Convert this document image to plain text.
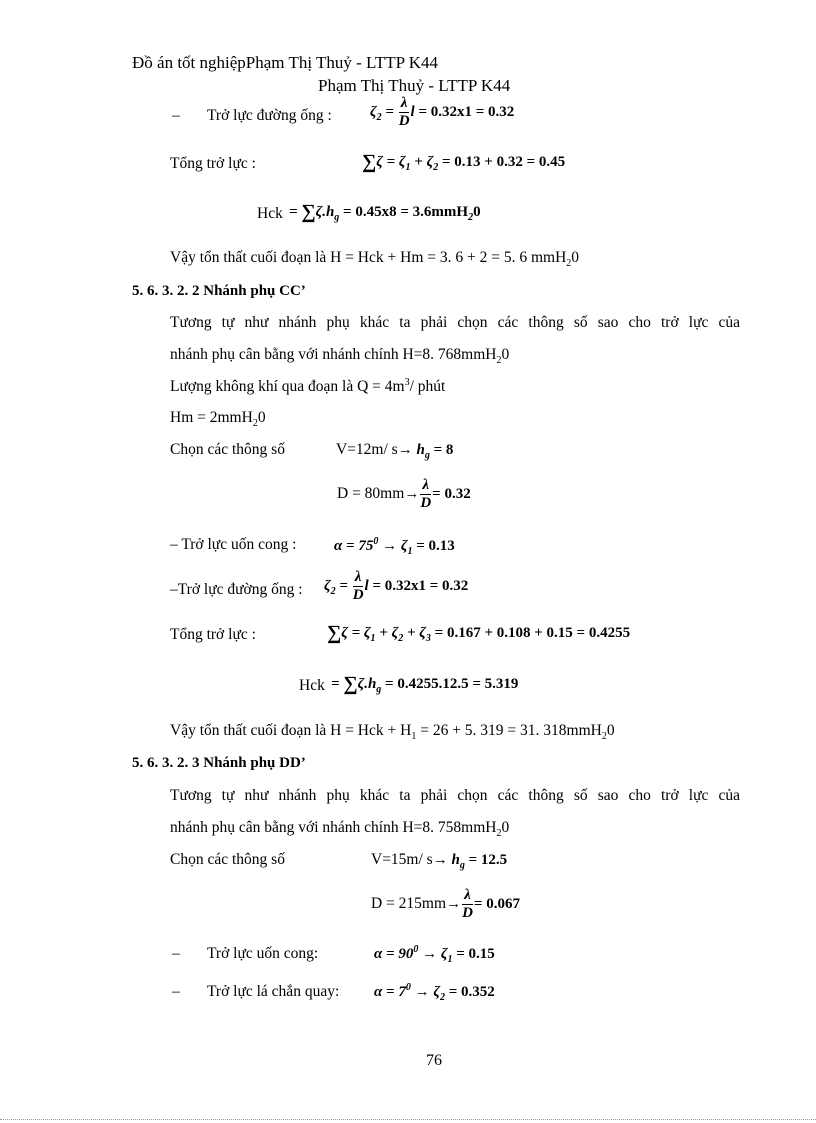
Đồ án tốt nghiệpPhạm Thị Thuỷ - LTTP K44
Phạm Thị Thuỷ - LTTP K44
– Trở lực đường ống :	$\zeta_2 = \frac{\lambda}{D}$ l = 0.32x1 = 0.32
Tổng trở lực :	$\sum\zeta = \zeta_1 + \zeta_2 = 0.13 + 0.32 = 0.45$
Hck = $\sum\zeta.h_g = 0.45x8 = 3.6mmH_20$
Vậy tổn thất cuối đoạn là H = Hck + Hm = 3. 6 + 2 = 5. 6 mmH$_2$0
5. 6. 3. 2. 2 Nhánh phụ CC’
Tương tự như nhánh phụ khác ta phải chọn các thông số sao cho trở lực của
nhánh phụ cân bằng với nhánh chính H=8. 768mmH$_2$0
Lượng không khí qua đoạn là $Q = 4m^3/$ phút
Hm = 2mmH$_2$0
Chọn các thông số	V=12m/ $s\to h_g = 8$
$D = 80mm\to \frac{\lambda}{D} = 0.32$
– Trở lực uốn cong :	$\alpha = 75^0 \to \zeta_1 = 0.13$
–Trở lực đường ống : $\zeta_2 = \frac{\lambda}{D}$ l = 0.32x1 = 0.32
Tổng trở lực :	$\sum\zeta = \zeta_1 + \zeta_2 + \zeta_3 = 0.167 + 0.108 + 0.15 = 0.4255$
Hck = $\sum\zeta.h_g = 0.4255.12.5 = 5.319$
Vậy tổn thất cuối đoạn là H = Hck + $H_1 = 26 + 5$. 319 = 31. 318mmH$_2$0
5. 6. 3. 2. 3 Nhánh phụ DD’
Tương tự như nhánh phụ khác ta phải chọn các thông số sao cho trở lực của
nhánh phụ cân bằng với nhánh chính H=8. 758mmH$_2$0
Chọn các thông số	V=15m/ $s\to h_g = 12.5$
$D = 215mm\to \frac{\lambda}{D} = 0.067$
– Trở lực uốn cong:	$\alpha = 90^0 \to \zeta_1 = 0.15$
– Trở lực lá chắn quay: $\alpha = 7^0 \to \zeta_2 = 0.352$
76
